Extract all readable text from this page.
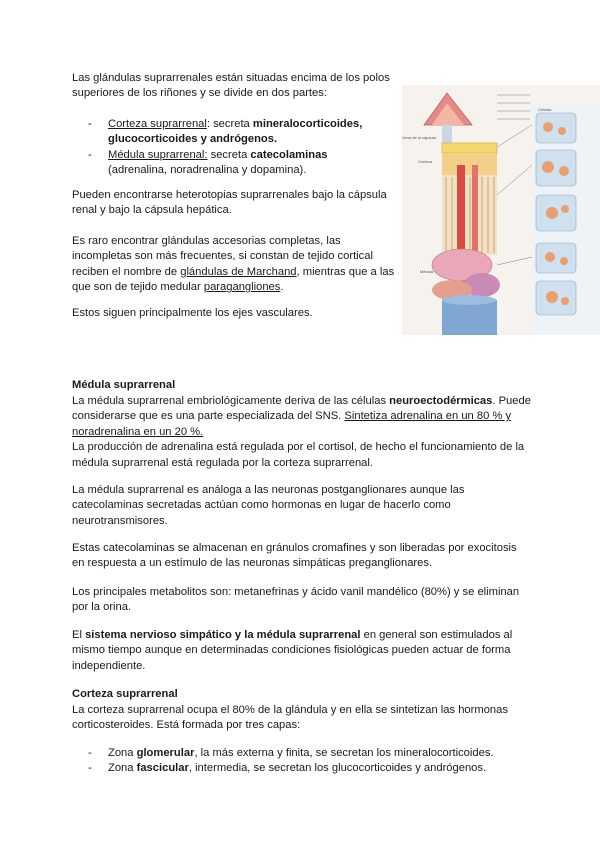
Las glándulas suprarrenales están situadas encima de los polos superiores de los riñones y se divide en dos partes:

- Corteza suprarrenal: secreta mineralocorticoides, glucocorticoides y andrógenos.
- Médula suprarrenal: secreta catecolaminas (adrenalina, noradrenalina y dopamina).

Pueden encontrarse heterotopias suprarrenales bajo la cápsula renal y bajo la cápsula hepática.

Es raro encontrar glándulas accesorias completas, las incompletas son más frecuentes, si constan de tejido cortical reciben el nombre de glándulas de Marchand, mientras que a las que son de tejido medular paragangliones.

Estos siguen principalmente los ejes vasculares.

Vena de la cápsula
Corteza
Médula
Células

Médula suprarrenal

La médula suprarrenal embriológicamente deriva de las células neuroectodérmicas. Puede considerarse que es una parte especializada del SNS. Sintetiza adrenalina en un 80 % y noradrenalina en un 20 %.
La producción de adrenalina está regulada por el cortisol, de hecho el funcionamiento de la médula suprarrenal está regulada por la corteza suprarrenal.

La médula suprarrenal es análoga a las neuronas postganglionares aunque las catecolaminas secretadas actúan como hormonas en lugar de hacerlo como neurotransmisores.

Estas catecolaminas se almacenan en gránulos cromafines y son liberadas por exocitosis en respuesta a un estímulo de las neuronas simpáticas preganglionares.

Los principales metabolitos son: metanefrinas y ácido vanil mandélico (80%) y se eliminan por la orina.

El sistema nervioso simpático y la médula suprarrenal en general son estimulados al mismo tiempo aunque en determinadas condiciones fisiológicas pueden actuar de forma independiente.

Corteza suprarrenal

La corteza suprarrenal ocupa el 80% de la glándula y en ella se sintetizan las hormonas corticosteroides. Está formada por tres capas:

- Zona glomerular, la más externa y finita, se secretan los mineralocorticoides.
- Zona fascicular, intermedia, se secretan los glucocorticoides y andrógenos.
